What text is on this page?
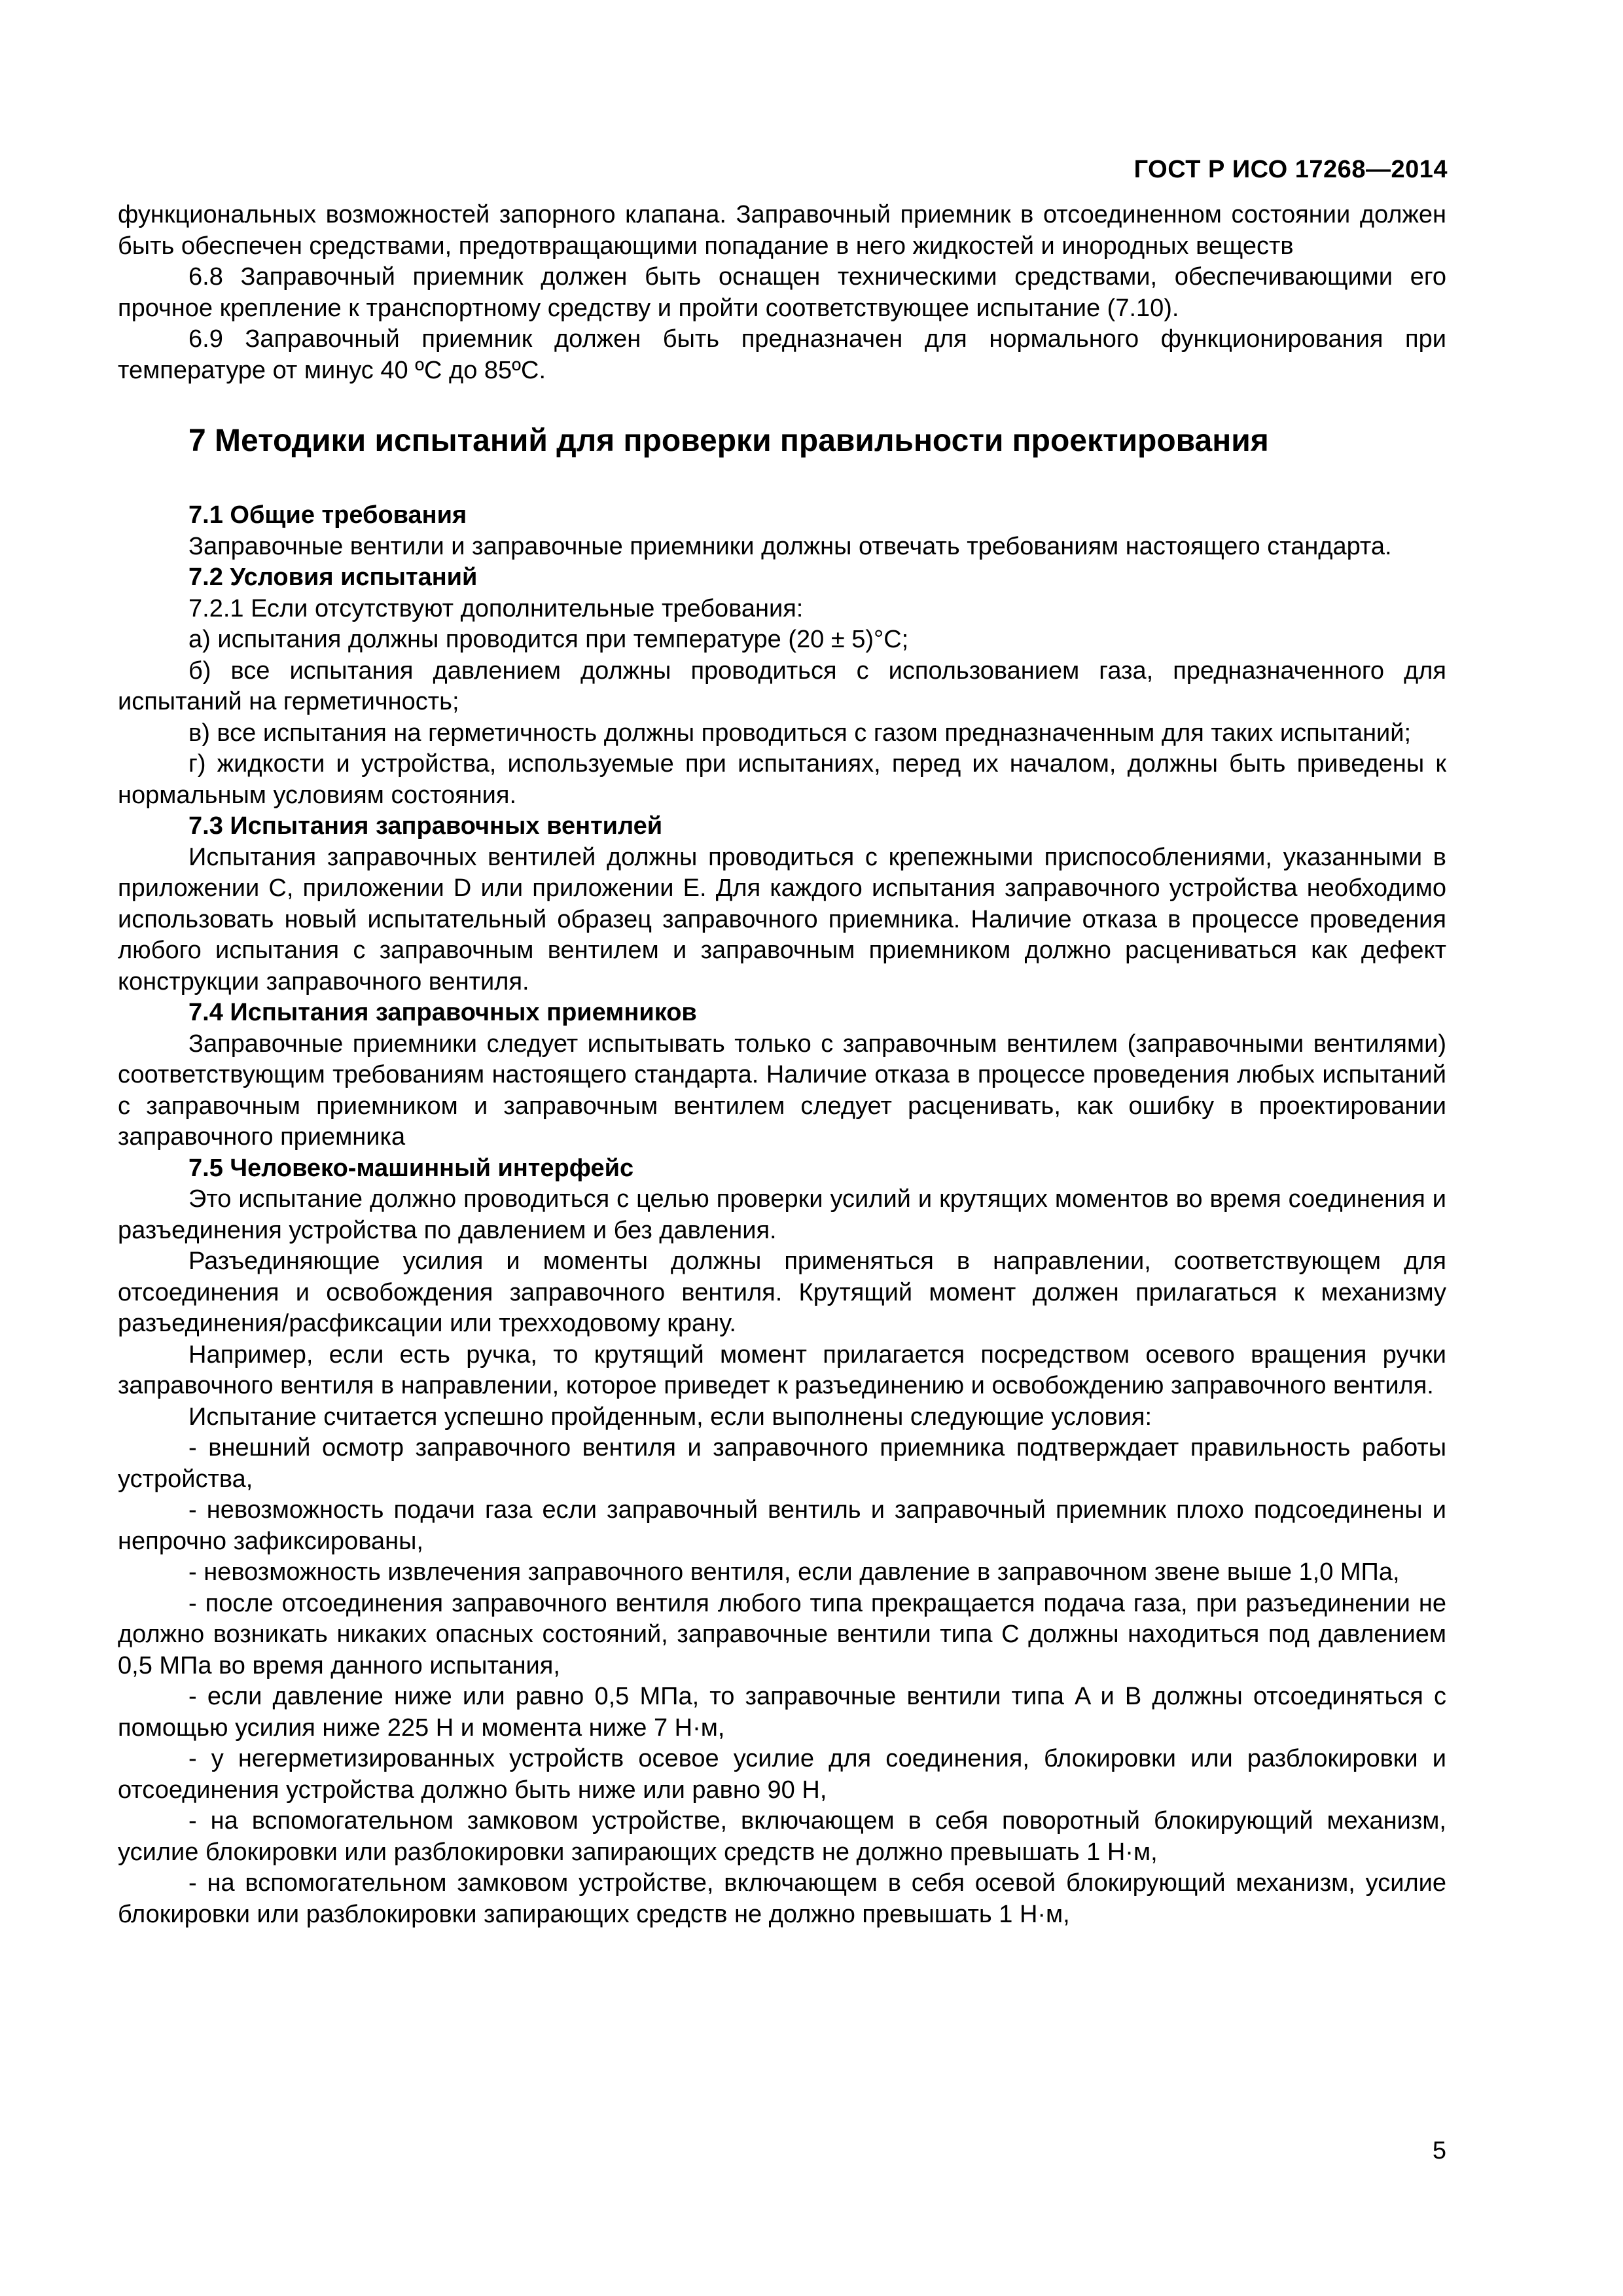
ГОСТ Р ИСО 17268—2014

функциональных возможностей запорного клапана. Заправочный приемник в отсоединенном состоянии должен быть обеспечен средствами, предотвращающими попадание в него жидкостей и инородных веществ

6.8 Заправочный приемник должен быть оснащен техническими средствами, обеспечивающими его прочное крепление к транспортному средству и пройти соответствующее испытание (7.10).

6.9 Заправочный приемник должен быть предназначен для нормального функционирования при температуре от минус 40 ºС до 85ºС.

7 Методики испытаний для проверки правильности проектирования
7.1 Общие требования

Заправочные вентили и заправочные приемники должны отвечать требованиям настоящего стандарта.

7.2 Условия испытаний

7.2.1 Если отсутствуют дополнительные требования:

а) испытания должны проводится при температуре (20 ± 5)°С;

б) все испытания давлением должны проводиться с использованием газа, предназначенного для испытаний на герметичность;

в) все испытания на герметичность должны проводиться с газом предназначенным для таких испытаний;

г) жидкости и устройства, используемые при испытаниях, перед их началом, должны быть приведены к нормальным условиям состояния.

7.3 Испытания заправочных вентилей

Испытания заправочных вентилей должны проводиться с крепежными приспособлениями, указанными в приложении C, приложении D или приложении E. Для каждого испытания заправочного устройства необходимо использовать новый испытательный образец заправочного приемника. Наличие отказа в процессе проведения любого испытания с заправочным вентилем и заправочным приемником должно расцениваться как дефект конструкции заправочного вентиля.

7.4 Испытания заправочных приемников

Заправочные приемники следует испытывать только с заправочным вентилем (заправочными вентилями) соответствующим требованиям настоящего стандарта. Наличие отказа в процессе проведения любых испытаний с заправочным приемником и заправочным вентилем следует расценивать, как ошибку в проектировании заправочного приемника

7.5 Человеко-машинный интерфейс

Это испытание должно проводиться с целью проверки усилий и крутящих моментов во время соединения и разъединения устройства по давлением и без давления.

Разъединяющие усилия и моменты должны применяться в направлении, соответствующем для отсоединения и освобождения заправочного вентиля. Крутящий момент должен прилагаться к механизму разъединения/расфиксации или трехходовому крану.

Например, если есть ручка, то крутящий момент прилагается посредством осевого вращения ручки заправочного вентиля в направлении, которое приведет к разъединению и освобождению заправочного вентиля.

Испытание считается успешно пройденным, если выполнены следующие условия:

- внешний осмотр заправочного вентиля и заправочного приемника подтверждает правильность работы устройства,

- невозможность подачи газа если заправочный вентиль и заправочный приемник плохо подсоединены и непрочно зафиксированы,

- невозможность извлечения заправочного вентиля, если давление в заправочном звене выше 1,0 МПа,

- после отсоединения заправочного вентиля любого типа прекращается подача газа, при разъединении не должно возникать никаких опасных состояний, заправочные вентили типа C должны находиться под давлением 0,5 МПа во время данного испытания,

- если давление ниже или равно 0,5 МПа, то заправочные вентили типа A и B должны отсоединяться с помощью усилия ниже 225 Н и момента ниже 7 Н·м,

- у негерметизированных устройств осевое усилие для соединения, блокировки или разблокировки и отсоединения устройства должно быть ниже или равно 90 Н,

- на вспомогательном замковом устройстве, включающем в себя поворотный блокирующий механизм, усилие блокировки или разблокировки запирающих средств не должно превышать 1 Н·м,

- на вспомогательном замковом устройстве, включающем в себя осевой блокирующий механизм, усилие блокировки или разблокировки запирающих средств не должно превышать 1 Н·м,

5
